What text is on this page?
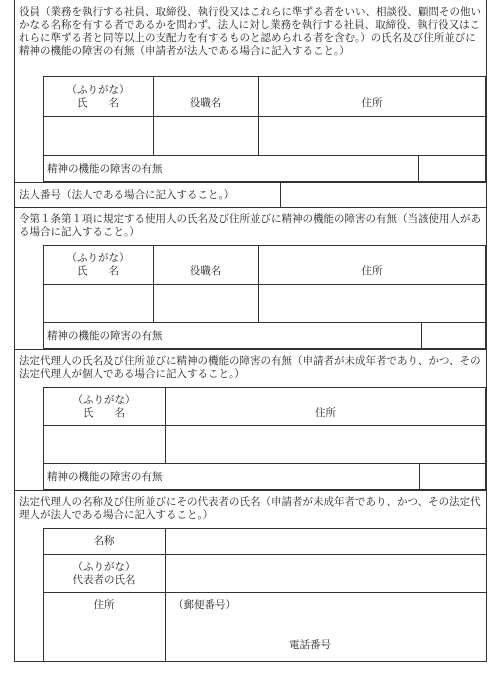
役員（業務を執行する社員、取締役、執行役又はこれらに準ずる者をいい、相談役、顧問その他いかなる名称を有する者であるかを問わず、法人に対し業務を執行する社員、取締役、執行役又はこれらに準ずる者と同等以上の支配力を有するものと認められる者を含む。）の氏名及び住所並びに精神の機能の障害の有無（申請者が法人である場合に記入すること。）
（ふりがな）
氏　　名	役職名	住所
精神の機能の障害の有無
法人番号（法人である場合に記入すること。）
令第１条第１項に規定する使用人の氏名及び住所並びに精神の機能の障害の有無（当該使用人がある場合に記入すること。）
（ふりがな）
氏　　名	役職名	住所
精神の機能の障害の有無
法定代理人の氏名及び住所並びに精神の機能の障害の有無（申請者が未成年者であり、かつ、その法定代理人が個人である場合に記入すること。）
（ふりがな）
氏　　名	住所
精神の機能の障害の有無
法定代理人の名称及び住所並びにその代表者の氏名（申請者が未成年者であり、かつ、その法定代理人が法人である場合に記入すること。）
名称
（ふりがな）
代表者の氏名
住所	（郵便番号）
電話番号
